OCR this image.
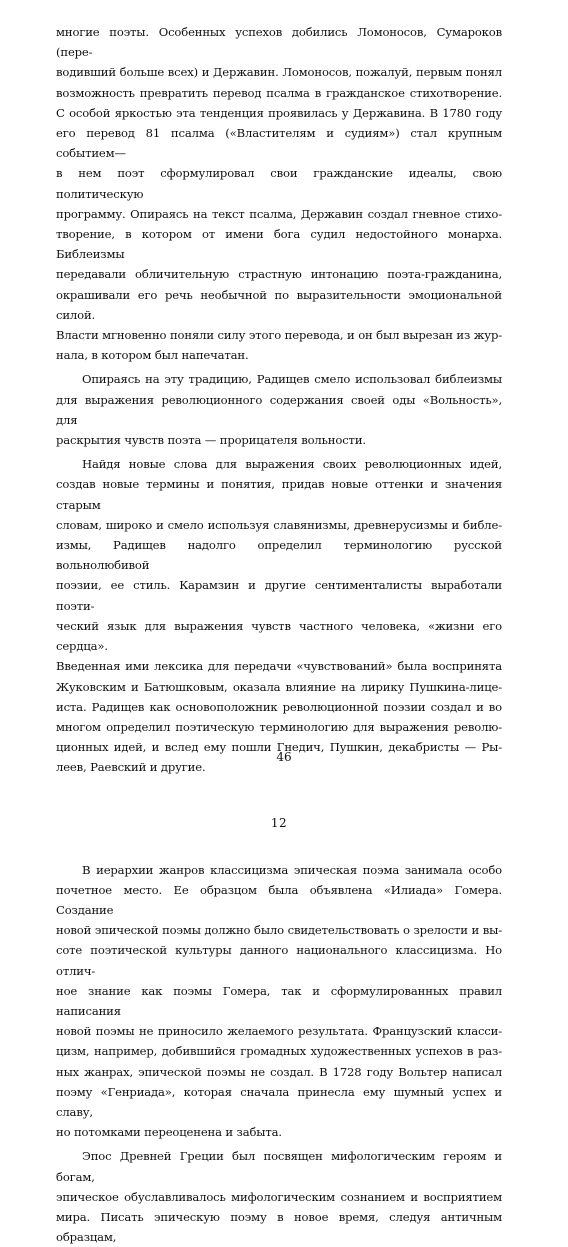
многие поэты. Особенных успехов добились Ломоносов, Сумароков (пере-

водивший больше всех) и Державин. Ломоносов, пожалуй, первым понял

возможность превратить перевод псалма в гражданское стихотворение.

С особой яркостью эта тенденция проявилась у Державина. В 1780 году

его перевод 81 псалма («Властителям и судиям») стал крупным событием—

в нем поэт сформулировал свои гражданские идеалы, свою политическую

программу. Опираясь на текст псалма, Державин создал гневное стихо-

творение, в котором от имени бога судил недостойного монарха. Библеизмы

передавали обличительную страстную интонацию поэта-гражданина,

окрашивали его речь необычной по выразительности эмоциональной силой.

Власти мгновенно поняли силу этого перевода, и он был вырезан из жур-

нала, в котором был напечатан.

Опираясь на эту традицию, Радищев смело использовал библеизмы

для выражения революционного содержания своей оды «Вольность», для

раскрытия чувств поэта — прорицателя вольности.

Найдя новые слова для выражения своих революционных идей,

создав новые термины и понятия, придав новые оттенки и значения старым

словам, широко и смело используя славянизмы, древнерусизмы и библе-

измы, Радищев надолго определил терминологию русской вольнолюбивой

поэзии, ее стиль. Карамзин и другие сентименталисты выработали поэти-

ческий язык для выражения чувств частного человека, «жизни его сердца».

Введенная ими лексика для передачи «чувствований» была воспринята

Жуковским и Батюшковым, оказала влияние на лирику Пушкина-лице-

иста. Радищев как основоположник революционной поэзии создал и во

многом определил поэтическую терминологию для выражения револю-

ционных идей, и вслед ему пошли Гнедич, Пушкин, декабристы — Ры-

леев, Раевский и другие.

12

В иерархии жанров классицизма эпическая поэма занимала особо

почетное место. Ее образцом была объявлена «Илиада» Гомера. Создание

новой эпической поэмы должно было свидетельствовать о зрелости и вы-

соте поэтической культуры данного национального классицизма. Но отлич-

ное знание как поэмы Гомера, так и сформулированных правил написания

новой поэмы не приносило желаемого результата. Французский класси-

цизм, например, добившийся громадных художественных успехов в раз-

ных жанрах, эпической поэмы не создал. В 1728 году Вольтер написал

поэму «Генриада», которая сначала принесла ему шумный успех и славу,

но потомками переоценена и забыта.

Эпос Древней Греции был посвящен мифологическим героям и богам,

эпическое обуславливалось мифологическим сознанием и восприятием

мира. Писать эпическую поэму в новое время, следуя античным образцам,

46
